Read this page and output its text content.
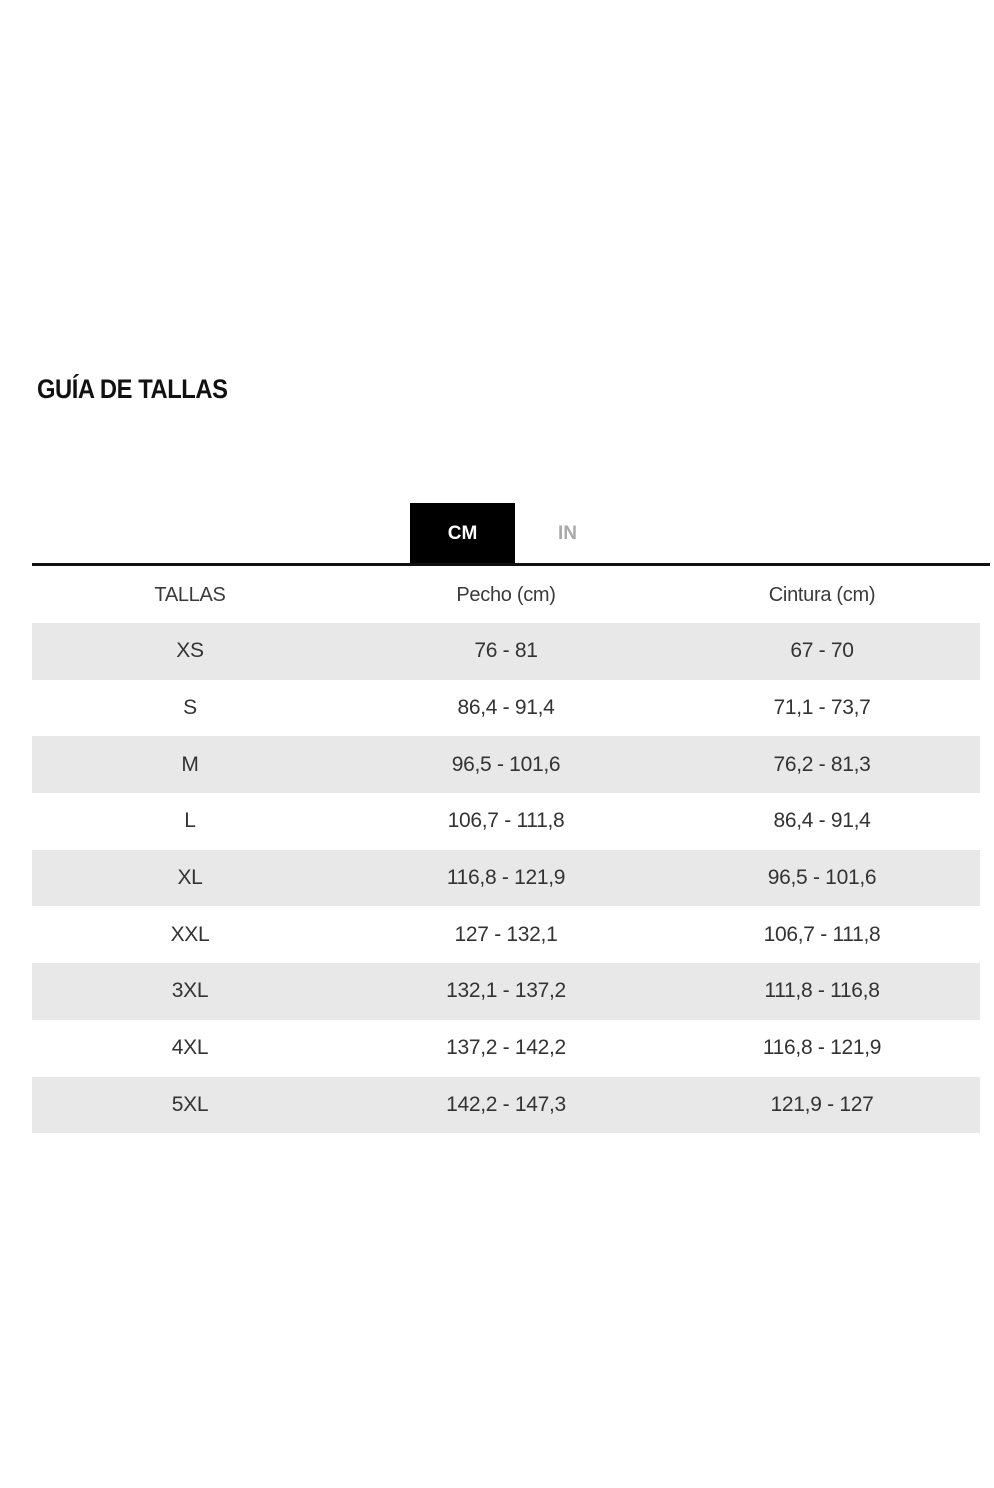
GUÍA DE TALLAS
CM	IN
TALLAS	Pecho (cm)	Cintura (cm)
XS	76 - 81	67 - 70
S	86,4 - 91,4	71,1 - 73,7
M	96,5 - 101,6	76,2 - 81,3
L	106,7 - 111,8	86,4 - 91,4
XL	116,8 - 121,9	96,5 - 101,6
XXL	127 - 132,1	106,7 - 111,8
3XL	132,1 - 137,2	111,8 - 116,8
4XL	137,2 - 142,2	116,8 - 121,9
5XL	142,2 - 147,3	121,9 - 127
